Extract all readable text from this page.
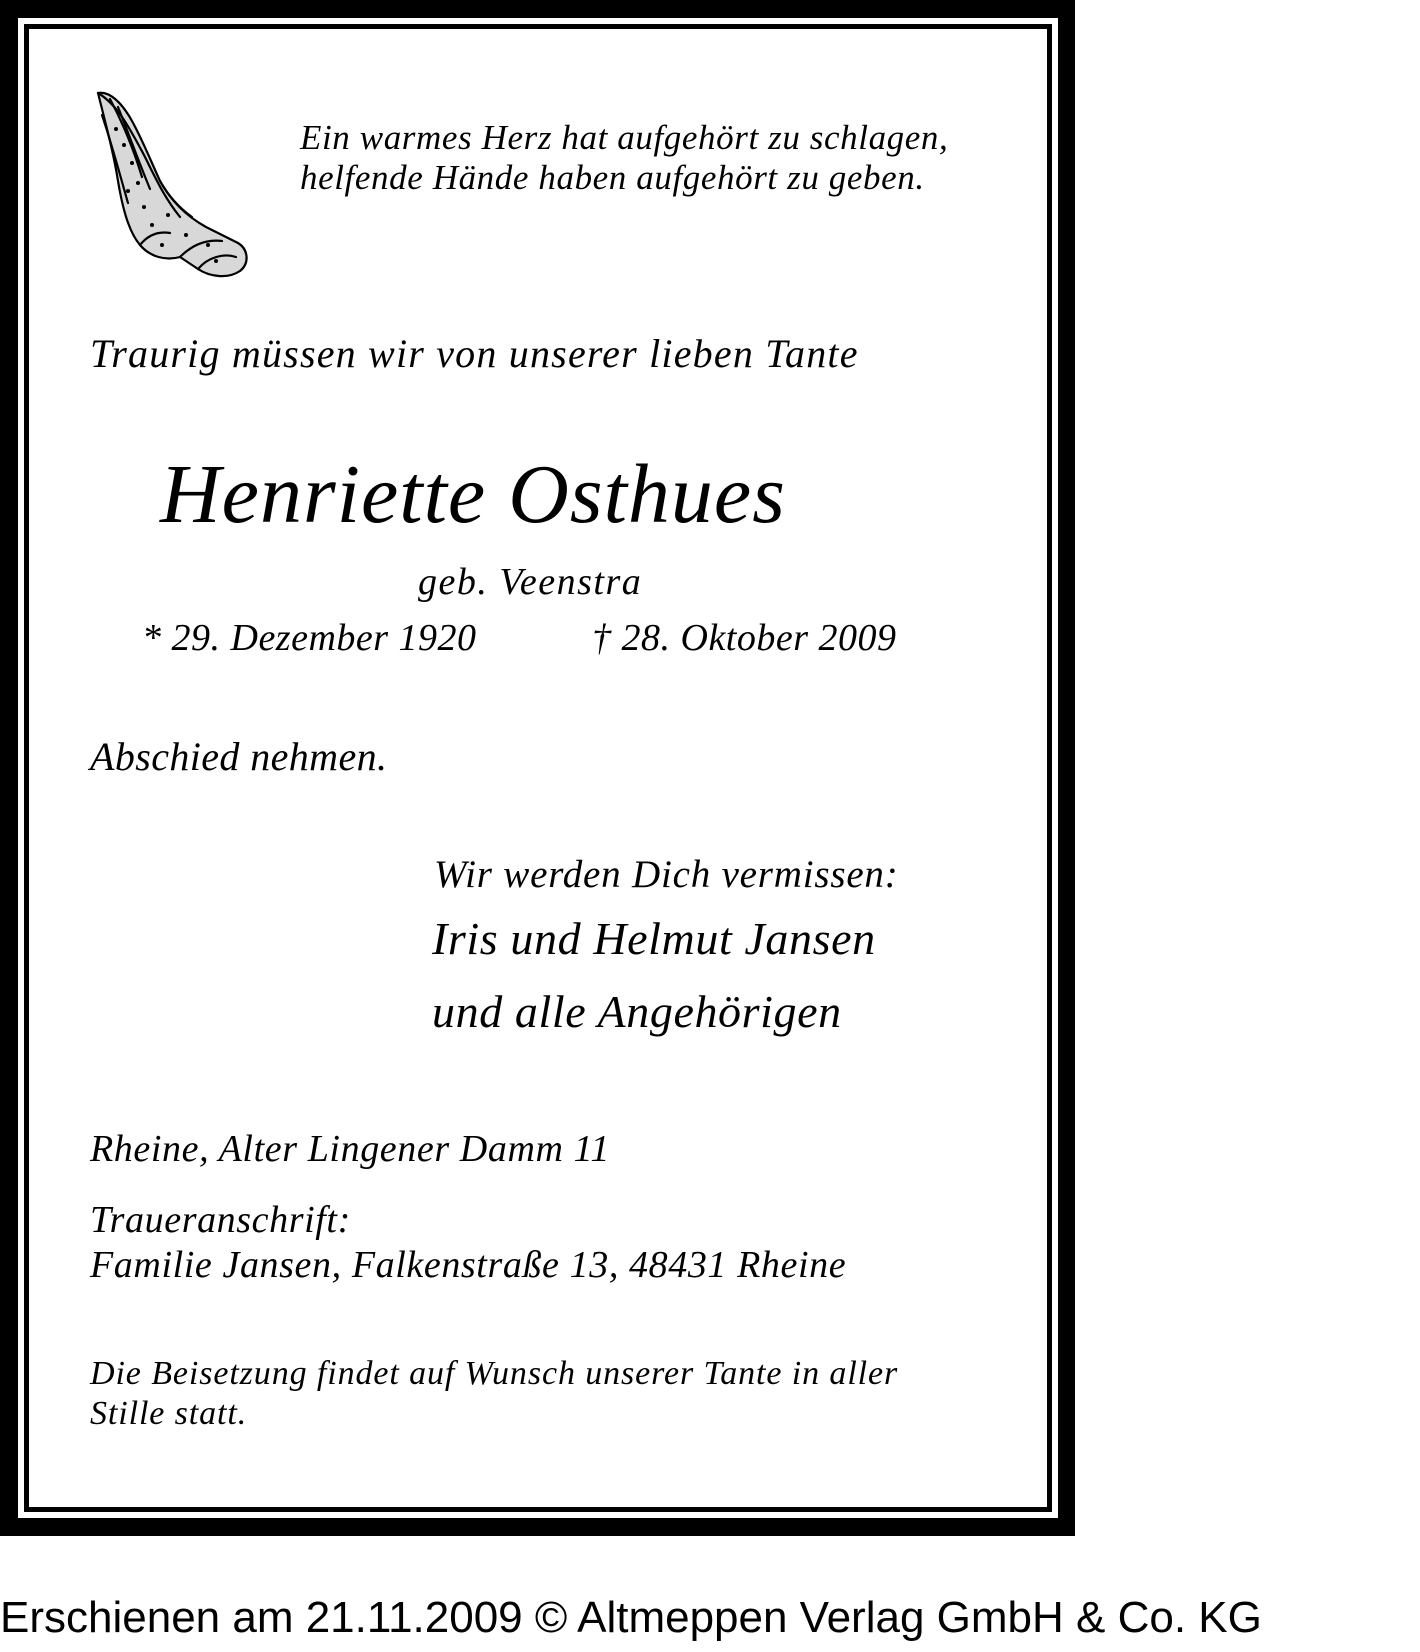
Ein warmes Herz hat aufgehört zu schlagen,
helfende Hände haben aufgehört zu geben.
Traurig müssen wir von unserer lieben Tante
Henriette Osthues
geb. Veenstra
* 29. Dezember 1920	† 28. Oktober 2009
Abschied nehmen.
Wir werden Dich vermissen:
Iris und Helmut Jansen
und alle Angehörigen
Rheine, Alter Lingener Damm 11
Traueranschrift:
Familie Jansen, Falkenstraße 13, 48431 Rheine
Die Beisetzung findet auf Wunsch unserer Tante in aller
Stille statt.
Erschienen am 21.11.2009 © Altmeppen Verlag GmbH & Co. KG
